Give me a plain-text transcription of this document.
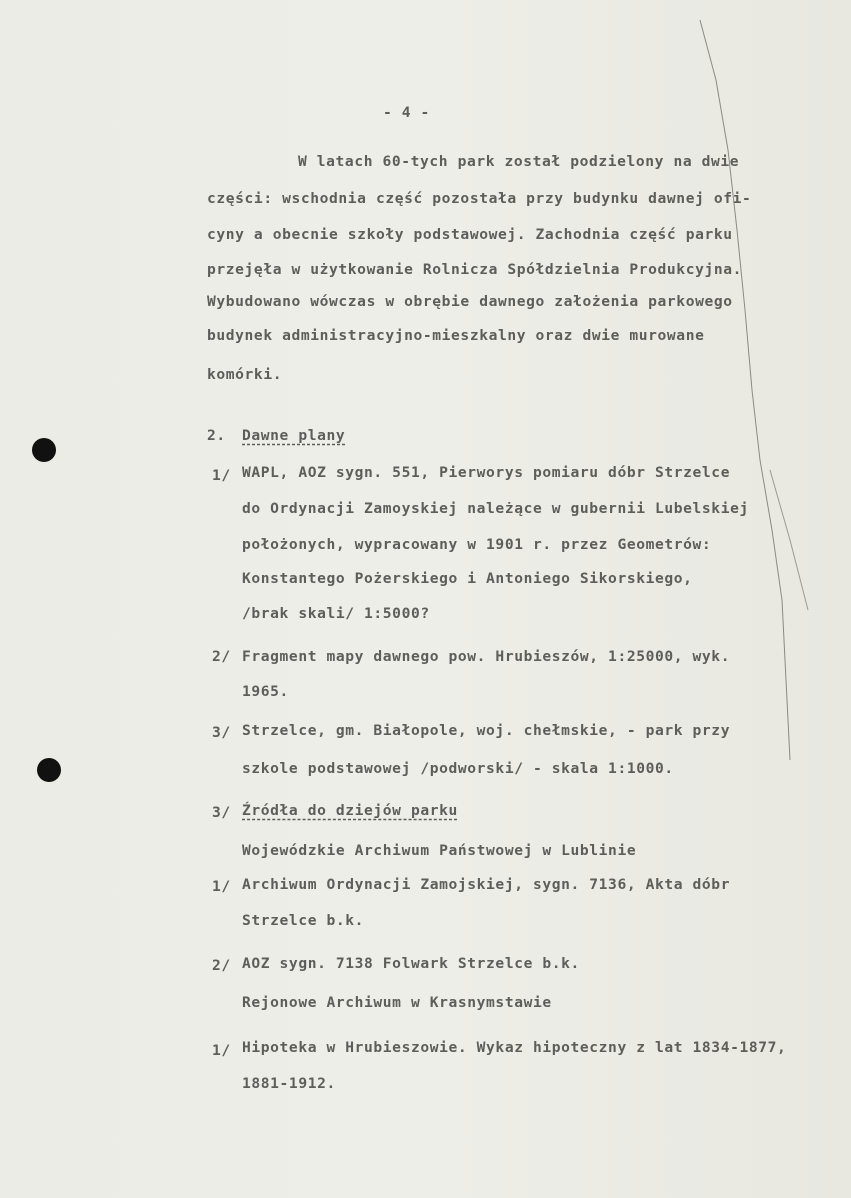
- 4 -
W latach 60-tych park został podzielony na dwie
części: wschodnia część pozostała przy budynku dawnej ofi-
cyny a obecnie szkoły podstawowej. Zachodnia część parku
przejęła w użytkowanie Rolnicza Spółdzielnia Produkcyjna.
Wybudowano wówczas w obrębie dawnego założenia parkowego
budynek administracyjno-mieszkalny oraz dwie murowane
komórki.
2. Dawne plany
1/ WAPL, AOZ sygn. 551, Pierworys pomiaru dóbr Strzelce
do Ordynacji Zamoyskiej należące w gubernii Lubelskiej
położonych, wypracowany w 1901 r. przez Geometrów:
Konstantego Pożerskiego i Antoniego Sikorskiego,
/brak skali/ 1:5000?
2/ Fragment mapy dawnego pow. Hrubieszów, 1:25000, wyk.
1965.
3/ Strzelce, gm. Białopole, woj. chełmskie, - park przy
szkole podstawowej /podworski/ - skala 1:1000.
3/ Źródła do dziejów parku
Wojewódzkie Archiwum Państwowej w Lublinie
1/ Archiwum Ordynacji Zamojskiej, sygn. 7136, Akta dóbr
Strzelce b.k.
2/ AOZ sygn. 7138 Folwark Strzelce b.k.
Rejonowe Archiwum w Krasnymstawie
1/ Hipoteka w Hrubieszowie. Wykaz hipoteczny z lat 1834-1877,
1881-1912.
